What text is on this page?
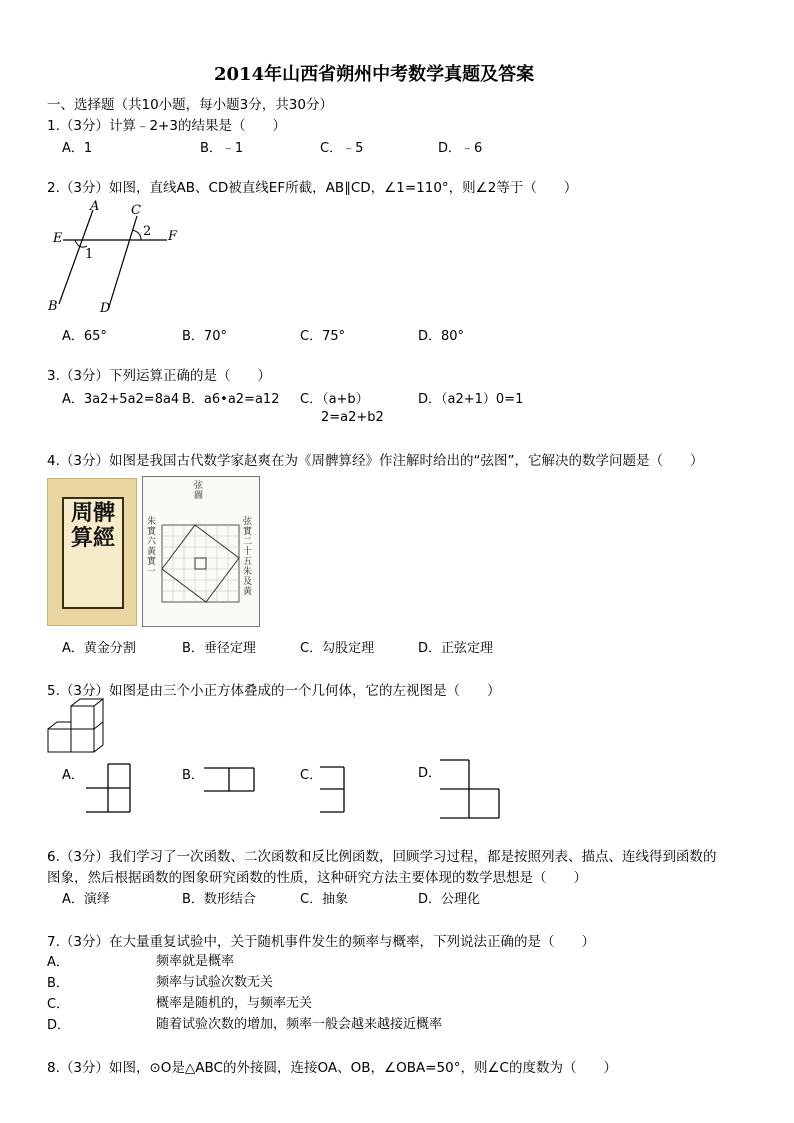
2014年山西省朔州中考数学真题及答案
一、选择题（共10小题，每小题3分，共30分）
1.（3分）计算﹣2+3的结果是（　　）
A．1	B．﹣1	C．﹣5	D．﹣6
2.（3分）如图，直线AB、CD被直线EF所截，AB∥CD，∠1=110°，则∠2等于（　　）
A C
E	2 F
1
B	D
A．65°	B．70°	C．75°	D．80°
3.（3分）下列运算正确的是（　　）
A．3a2+5a2=8a4 B．a6•a2=a12 C．（a+b）	D．（a2+1）0=1
2=a2+b2
4.（3分）如图是我国古代数学家赵爽在为《周髀算经》作注解时给出的“弦图”，它解决的数学问题是（　　）
周髀算經
弦圖
朱實六黃實一
弦實二十五朱及黃
A．黄金分割	B．垂径定理	C．勾股定理	D．正弦定理
5.（3分）如图是由三个小正方体叠成的一个几何体，它的左视图是（　　）
A．	B．	C．	D．
6.（3分）我们学习了一次函数、二次函数和反比例函数，回顾学习过程，都是按照列表、描点、连线得到函数的
图象，然后根据函数的图象研究函数的性质，这种研究方法主要体现的数学思想是（　　）
A．演绎	B．数形结合	C．抽象	D．公理化
7.（3分）在大量重复试验中，关于随机事件发生的频率与概率，下列说法正确的是（　　）
A．	频率就是概率
B．	频率与试验次数无关
C．	概率是随机的，与频率无关
D．	随着试验次数的增加，频率一般会越来越接近概率
8.（3分）如图，⊙O是△ABC的外接圆，连接OA、OB，∠OBA=50°，则∠C的度数为（　　）
